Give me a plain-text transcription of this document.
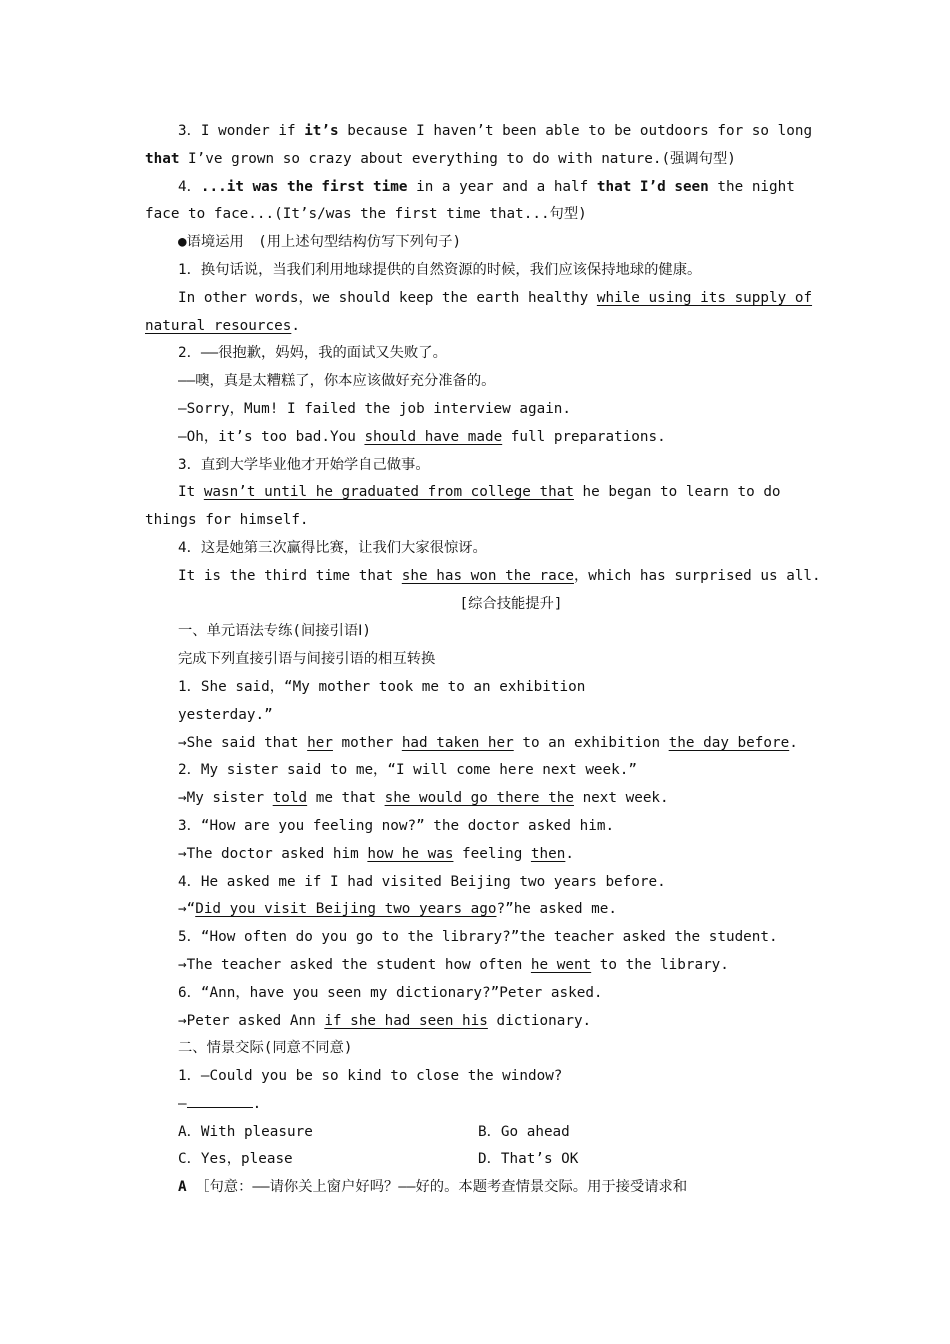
3．I wonder if it’s because I haven’t been able to be outdoors for so long
that I’ve grown so crazy about everything to do with nature.(强调句型)
4．...it was the first time in a year and a half that I’d seen the night
face to face...(It’s/was the first time that...句型)
●语境运用　(用上述句型结构仿写下列句子)
1．换句话说，当我们利用地球提供的自然资源的时候，我们应该保持地球的健康。
In other words，we should keep the earth healthy while using its supply of
natural resources.
2．——很抱歉，妈妈，我的面试又失败了。
——噢，真是太糟糕了，你本应该做好充分准备的。
—Sorry，Mum! I failed the job interview again.
—Oh，it’s too bad.You should have made full preparations.
3．直到大学毕业他才开始学自己做事。
It wasn’t until he graduated from college that he began to learn to do
things for himself.
4．这是她第三次赢得比赛，让我们大家很惊讶。
It is the third time that she has won the race，which has surprised us all.
[综合技能提升]
一、单元语法专练(间接引语Ⅰ)
完成下列直接引语与间接引语的相互转换
1．She said，“My mother took me to an exhibition
yesterday.”
→She said that her mother had taken her to an exhibition the day before.
2．My sister said to me，“I will come here next week.”
→My sister told me that she would go there the next week.
3．“How are you feeling now?” the doctor asked him.
→The doctor asked him how he was feeling then.
4．He asked me if I had visited Beijing two years before.
→“Did you visit Beijing two years ago?”he asked me.
5．“How often do you go to the library?”the teacher asked the student.
→The teacher asked the student how often he went to the library.
6．“Ann，have you seen my dictionary?”Peter asked.
→Peter asked Ann if she had seen his dictionary.
二、情景交际(同意不同意)
1．—Could you be so kind to close the window?
—	.
A．With pleasure	B．Go ahead
C．Yes，please	D．That’s OK
A ［句意：——请你关上窗户好吗？——好的。本题考查情景交际。用于接受请求和
